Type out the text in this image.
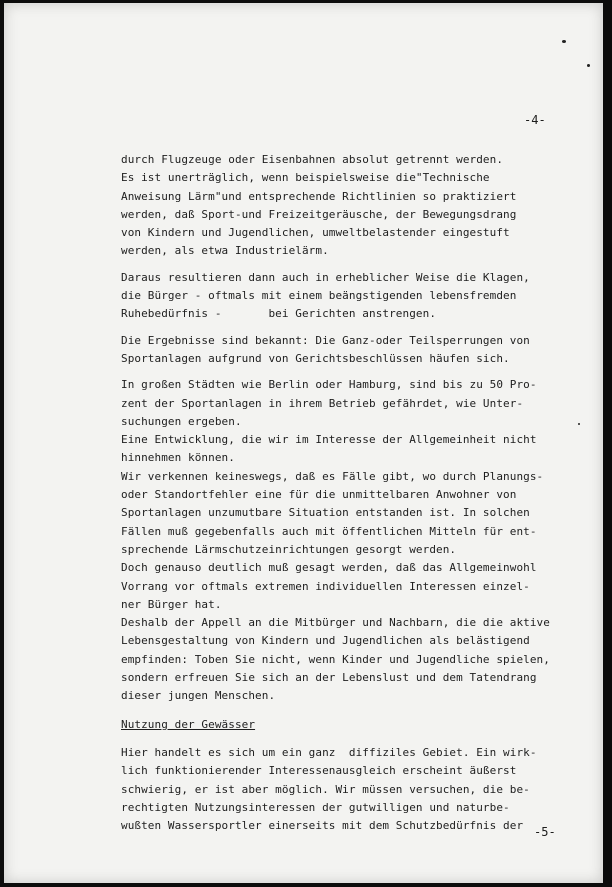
-4-
durch Flugzeuge oder Eisenbahnen absolut getrennt werden.
Es ist unerträglich, wenn beispielsweise die"Technische
Anweisung Lärm"und entsprechende Richtlinien so praktiziert
werden, daß Sport-und Freizeitgeräusche, der Bewegungsdrang
von Kindern und Jugendlichen, umweltbelastender eingestuft
werden, als etwa Industrielärm.
Daraus resultieren dann auch in erheblicher Weise die Klagen,
die Bürger - oftmals mit einem beängstigenden lebensfremden
Ruhebedürfnis -       bei Gerichten anstrengen.
Die Ergebnisse sind bekannt: Die Ganz-oder Teilsperrungen von
Sportanlagen aufgrund von Gerichtsbeschlüssen häufen sich.
In großen Städten wie Berlin oder Hamburg, sind bis zu 50 Pro-
zent der Sportanlagen in ihrem Betrieb gefährdet, wie Unter-
suchungen ergeben.
Eine Entwicklung, die wir im Interesse der Allgemeinheit nicht
hinnehmen können.
Wir verkennen keineswegs, daß es Fälle gibt, wo durch Planungs-
oder Standortfehler eine für die unmittelbaren Anwohner von
Sportanlagen unzumutbare Situation entstanden ist. In solchen
Fällen muß gegebenfalls auch mit öffentlichen Mitteln für ent-
sprechende Lärmschutzeinrichtungen gesorgt werden.
Doch genauso deutlich muß gesagt werden, daß das Allgemeinwohl
Vorrang vor oftmals extremen individuellen Interessen einzel-
ner Bürger hat.
Deshalb der Appell an die Mitbürger und Nachbarn, die die aktive
Lebensgestaltung von Kindern und Jugendlichen als belästigend
empfinden: Toben Sie nicht, wenn Kinder und Jugendliche spielen,
sondern erfreuen Sie sich an der Lebenslust und dem Tatendrang
dieser jungen Menschen.
Nutzung der Gewässer
Hier handelt es sich um ein ganz  diffiziles Gebiet. Ein wirk-
lich funktionierender Interessenausgleich erscheint äußerst
schwierig, er ist aber möglich. Wir müssen versuchen, die be-
rechtigten Nutzungsinteressen der gutwilligen und naturbe-
wußten Wassersportler einerseits mit dem Schutzbedürfnis der -5-
